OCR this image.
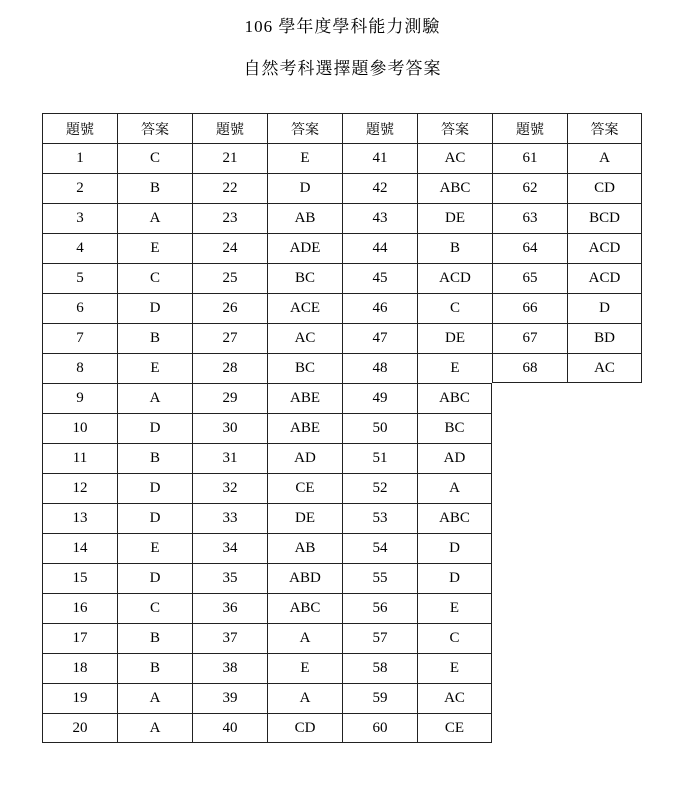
106 學年度學科能力測驗
自然考科選擇題參考答案
題號	答案	題號	答案	題號	答案	題號	答案
1	C	21	E	41	AC	61	A
2	B	22	D	42	ABC	62	CD
3	A	23	AB	43	DE	63	BCD
4	E	24	ADE	44	B	64	ACD
5	C	25	BC	45	ACD	65	ACD
6	D	26	ACE	46	C	66	D
7	B	27	AC	47	DE	67	BD
8	E	28	BC	48	E	68	AC
9	A	29	ABE	49	ABC
10	D	30	ABE	50	BC
11	B	31	AD	51	AD
12	D	32	CE	52	A
13	D	33	DE	53	ABC
14	E	34	AB	54	D
15	D	35	ABD	55	D
16	C	36	ABC	56	E
17	B	37	A	57	C
18	B	38	E	58	E
19	A	39	A	59	AC
20	A	40	CD	60	CE
